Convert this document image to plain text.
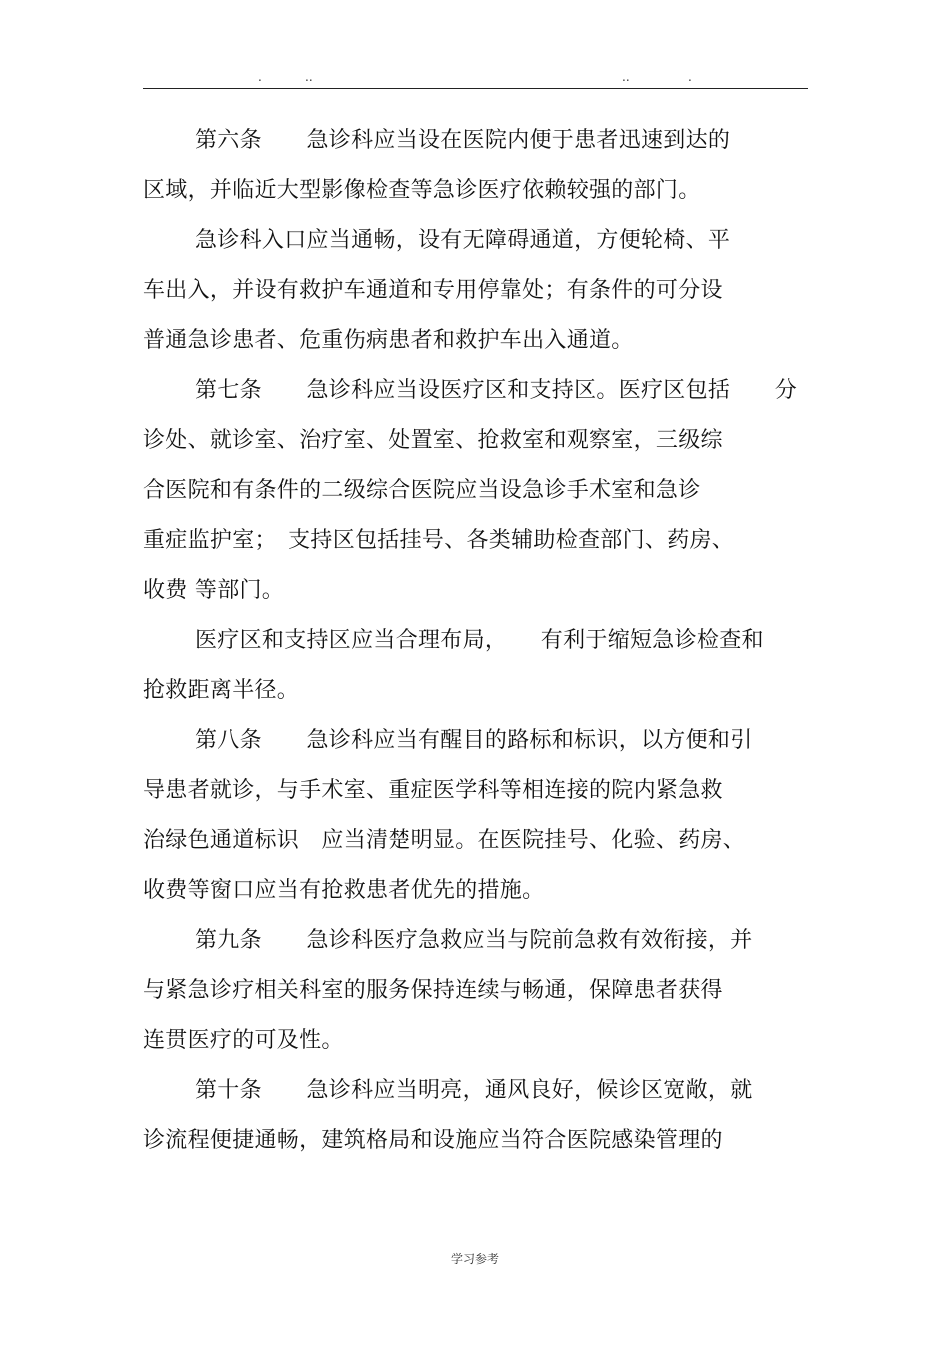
.	..	..	.
第六条　　急诊科应当设在医院内便于患者迅速到达的
区域，并临近大型影像检查等急诊医疗依赖较强的部门。
急诊科入口应当通畅，设有无障碍通道，方便轮椅、平
车出入，并设有救护车通道和专用停靠处；有条件的可分设
普通急诊患者、危重伤病患者和救护车出入通道。
第七条　　急诊科应当设医疗区和支持区。医疗区包括　　分
诊处、就诊室、治疗室、处置室、抢救室和观察室，三级综
合医院和有条件的二级综合医院应当设急诊手术室和急诊
重症监护室；　支持区包括挂号、各类辅助检查部门、药房、
收费 等部门。
医疗区和支持区应当合理布局，　　有利于缩短急诊检查和
抢救距离半径。
第八条　　急诊科应当有醒目的路标和标识，以方便和引
导患者就诊，与手术室、重症医学科等相连接的院内紧急救
治绿色通道标识　应当清楚明显。在医院挂号、化验、药房、
收费等窗口应当有抢救患者优先的措施。
第九条　　急诊科医疗急救应当与院前急救有效衔接，并
与紧急诊疗相关科室的服务保持连续与畅通，保障患者获得
连贯医疗的可及性。
第十条　　急诊科应当明亮，通风良好，候诊区宽敞，就
诊流程便捷通畅，建筑格局和设施应当符合医院感染管理的
学习参考
